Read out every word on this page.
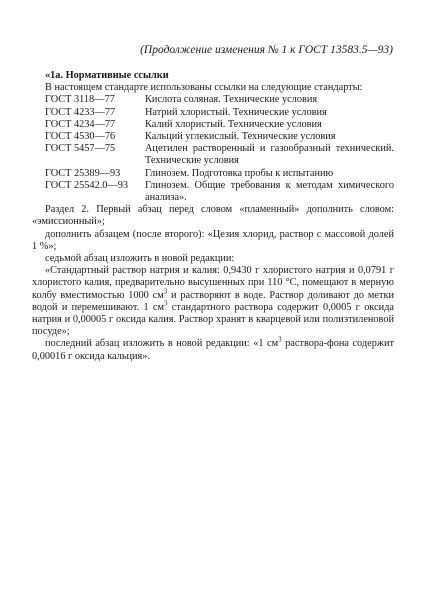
(Продолжение изменения № 1 к ГОСТ 13583.5—93)

«1а. Нормативные ссылки

В настоящем стандарте использованы ссылки на следующие стандарты:

ГОСТ 3118—77	Кислота соляная. Технические условия
ГОСТ 4233—77	Натрий хлористый. Технические условия
ГОСТ 4234—77	Калий хлористый. Технические условия
ГОСТ 4530—76	Кальций углекислый. Технические условия
ГОСТ 5457—75	Ацетилен растворенный и газообразный технический. Технические условия
ГОСТ 25389—93	Глинозем. Подготовка пробы к испытанию
ГОСТ 25542.0—93	Глинозем. Общие требования к методам химического анализа».

Раздел 2. Первый абзац перед словом «пламенный» дополнить словом: «эмиссионный»;

дополнить абзацем (после второго): «Цезия хлорид, раствор с массовой долей 1 %»;

седьмой абзац изложить в новой редакции:

«Стандартный раствор натрия и калия: 0,9430 г хлористого натрия и 0,0791 г хлористого калия, предварительно высушенных при 110 °С, помещают в мерную колбу вместимостью 1000 $см^3$ и растворяют в воде. Раствор доливают до метки водой и перемешивают. 1 $см^3$ стандартного раствора содержит 0,0005 г оксида натрия и 0,00005 г оксида калия. Раствор хранят в кварцевой или полиэтиленовой посуде»;

последний абзац изложить в новой редакции: «1 $см^3$ раствора-фона содержит 0,00016 г оксида кальция».
